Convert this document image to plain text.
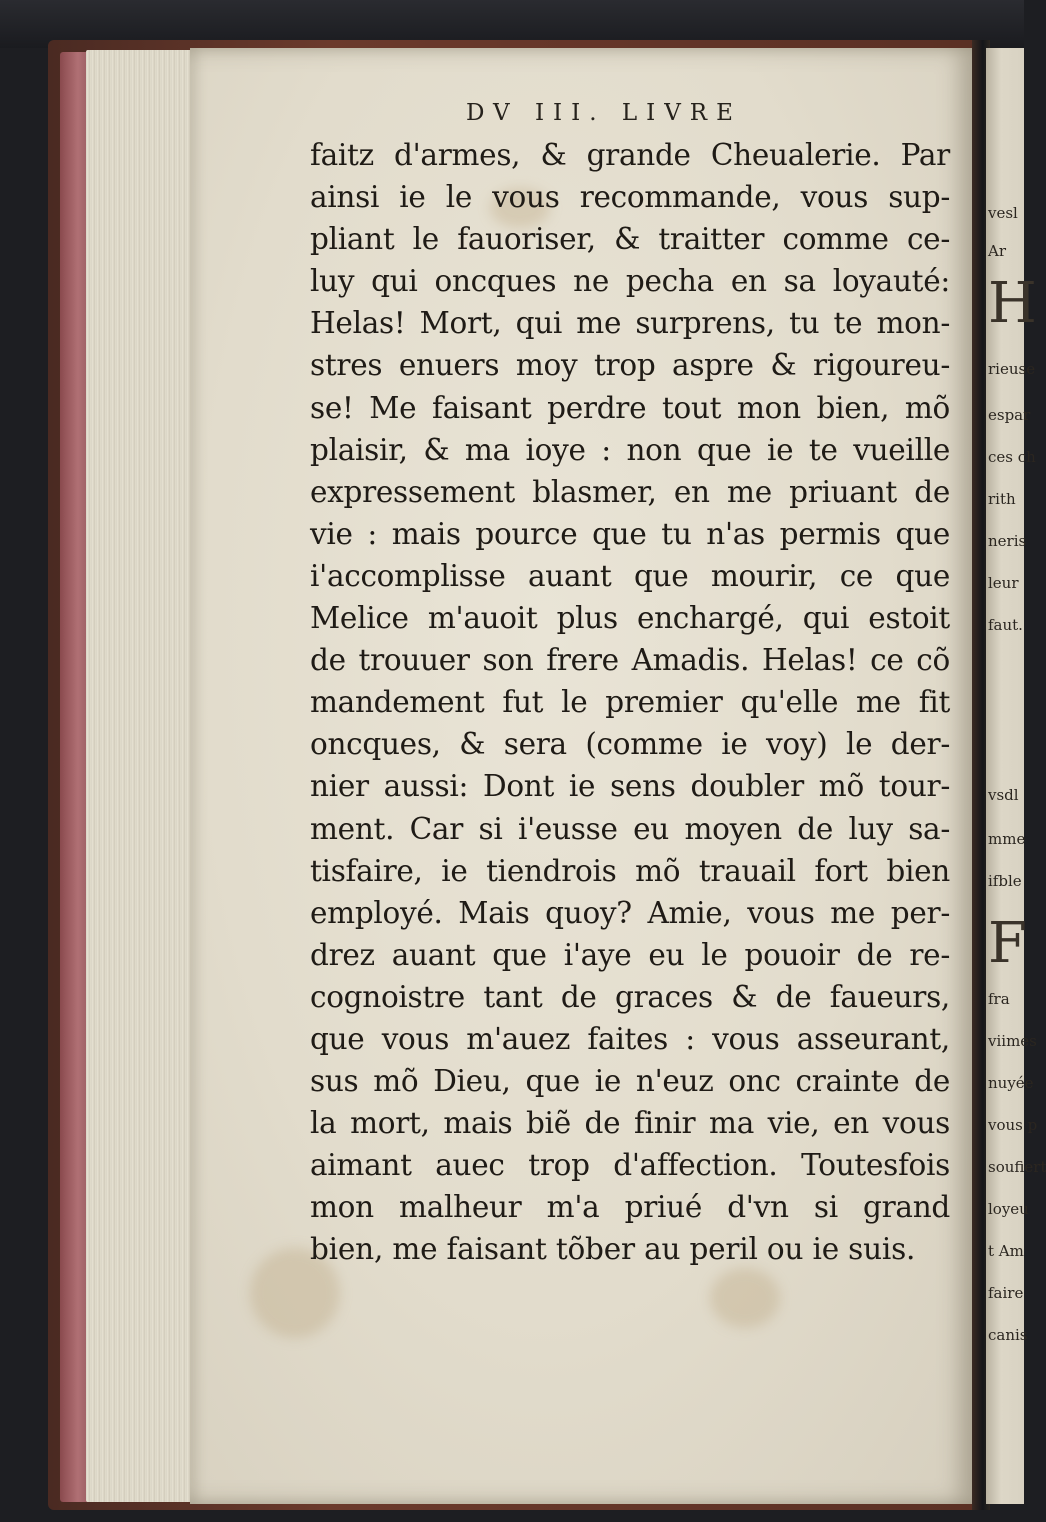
vesl
Ar
H
rieuse
espar
ces ch
rith
neris
leur
faut.
vsdl
mme
ifble
F
fra
viimes
nuyée
vous p
soufiert
loyeu
t Am
faire
canis
DV III. LIVRE
faitz d'armes, & grande Cheualerie. Par
ainsi ie le vous recommande, vous sup-
pliant le fauoriser, & traitter comme ce-
luy qui oncques ne pecha en sa loyauté:
Helas! Mort, qui me surprens, tu te mon-
stres enuers moy trop aspre & rigoureu-
se! Me faisant perdre tout mon bien, mõ
plaisir, & ma ioye : non que ie te vueille
expressement blasmer, en me priuant de
vie : mais pource que tu n'as permis que
i'accomplisse auant que mourir, ce que
Melice m'auoit plus enchargé, qui estoit
de trouuer son frere Amadis. Helas! ce cõ
mandement fut le premier qu'elle me fit
oncques, & sera (comme ie voy) le der-
nier aussi: Dont ie sens doubler mõ tour-
ment. Car si i'eusse eu moyen de luy sa-
tisfaire, ie tiendrois mõ trauail fort bien
employé. Mais quoy? Amie, vous me per-
drez auant que i'aye eu le pouoir de re-
cognoistre tant de graces & de faueurs,
que vous m'auez faites : vous asseurant,
sus mõ Dieu, que ie n'euz onc crainte de
la mort, mais biẽ de finir ma vie, en vous
aimant auec trop d'affection. Toutesfois
mon malheur m'a priué d'vn si grand
bien, me faisant tõber au peril ou ie suis.
